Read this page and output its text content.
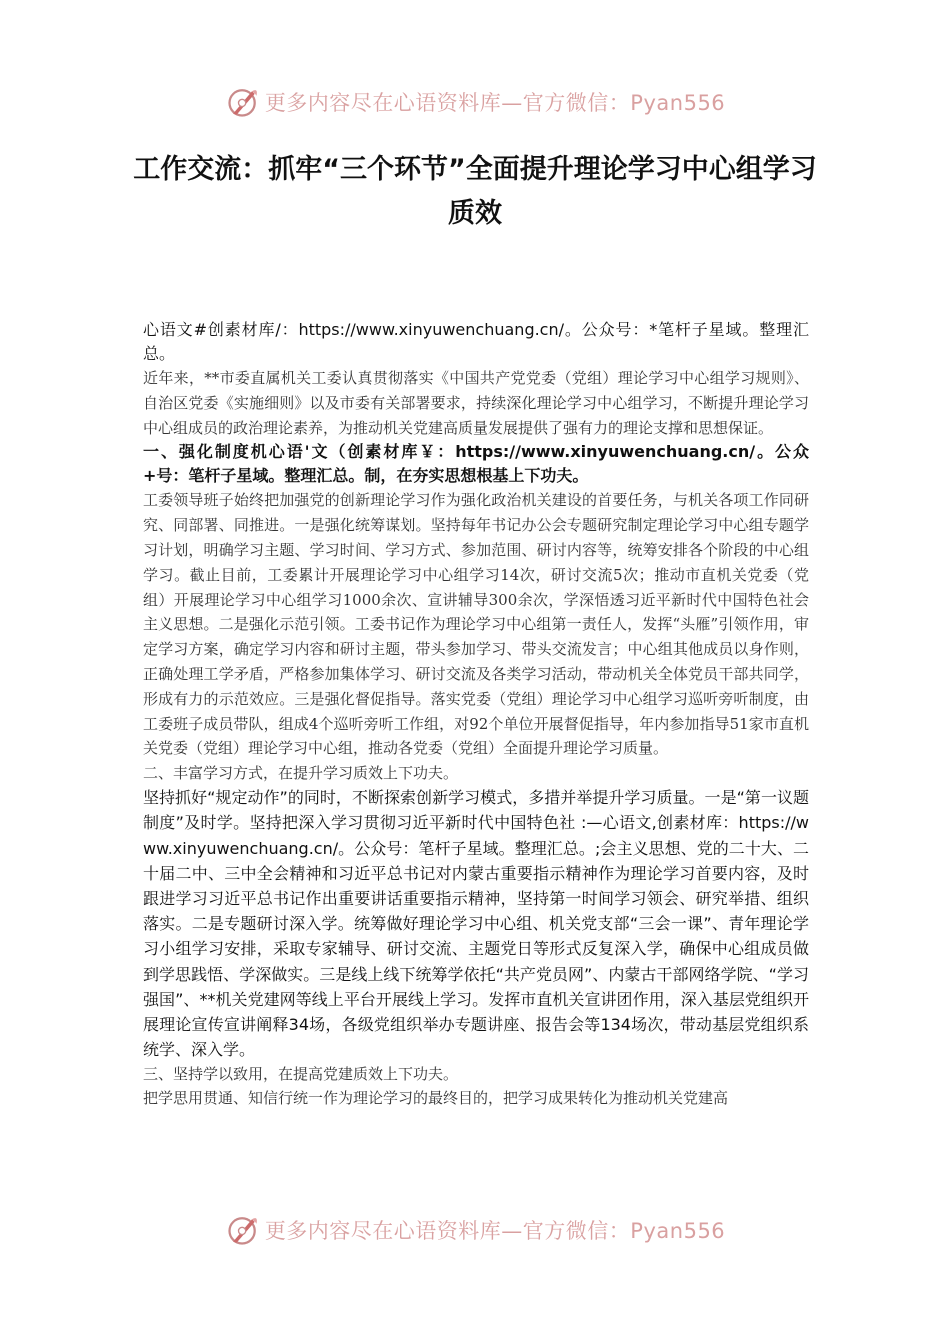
更多内容尽在心语资料库—官方微信：Pyan556
工作交流：抓牢“三个环节”全面提升理论学习中心组学习质效

心语文#创素材库/：https://www.xinyuwenchuang.cn/。公众号：*笔杆子星域。整理汇总。

近年来，**市委直属机关工委认真贯彻落实《中国共产党党委（党组）理论学习中心组学习规则》、自治区党委《实施细则》以及市委有关部署要求，持续深化理论学习中心组学习，不断提升理论学习中心组成员的政治理论素养，为推动机关党建高质量发展提供了强有力的理论支撑和思想保证。

一、强化制度机心语'文（创素材库￥：https://www.xinyuwenchuang.cn/。公众+号：笔杆子星域。整理汇总。制，在夯实思想根基上下功夫。

工委领导班子始终把加强党的创新理论学习作为强化政治机关建设的首要任务，与机关各项工作同研究、同部署、同推进。一是强化统筹谋划。坚持每年书记办公会专题研究制定理论学习中心组专题学习计划，明确学习主题、学习时间、学习方式、参加范围、研讨内容等，统筹安排各个阶段的中心组学习。截止目前，工委累计开展理论学习中心组学习14次，研讨交流5次；推动市直机关党委（党组）开展理论学习中心组学习1000余次、宣讲辅导300余次，学深悟透习近平新时代中国特色社会主义思想。二是强化示范引领。工委书记作为理论学习中心组第一责任人，发挥“头雁”引领作用，审定学习方案，确定学习内容和研讨主题，带头参加学习、带头交流发言；中心组其他成员以身作则，正确处理工学矛盾，严格参加集体学习、研讨交流及各类学习活动，带动机关全体党员干部共同学，形成有力的示范效应。三是强化督促指导。落实党委（党组）理论学习中心组学习巡听旁听制度，由工委班子成员带队，组成4个巡听旁听工作组，对92个单位开展督促指导，年内参加指导51家市直机关党委（党组）理论学习中心组，推动各党委（党组）全面提升理论学习质量。

二、丰富学习方式，在提升学习质效上下功夫。

坚持抓好“规定动作”的同时，不断探索创新学习模式，多措并举提升学习质量。一是“第一议题制度”及时学。坚持把深入学习贯彻习近平新时代中国特色社 :—心语文,创素材库：https://www.xinyuwenchuang.cn/。公众号：笔杆子星域。整理汇总。;会主义思想、党的二十大、二十届二中、三中全会精神和习近平总书记对内蒙古重要指示精神作为理论学习首要内容，及时跟进学习习近平总书记作出重要讲话重要指示精神，坚持第一时间学习领会、研究举措、组织落实。二是专题研讨深入学。统筹做好理论学习中心组、机关党支部“三会一课”、青年理论学习小组学习安排，采取专家辅导、研讨交流、主题党日等形式反复深入学，确保中心组成员做到学思践悟、学深做实。三是线上线下统筹学依托“共产党员网”、内蒙古干部网络学院、“学习强国”、**机关党建网等线上平台开展线上学习。发挥市直机关宣讲团作用，深入基层党组织开展理论宣传宣讲阐释34场，各级党组织举办专题讲座、报告会等134场次，带动基层党组织系统学、深入学。

三、坚持学以致用，在提高党建质效上下功夫。

把学思用贯通、知信行统一作为理论学习的最终目的，把学习成果转化为推动机关党建高

更多内容尽在心语资料库—官方微信：Pyan556
